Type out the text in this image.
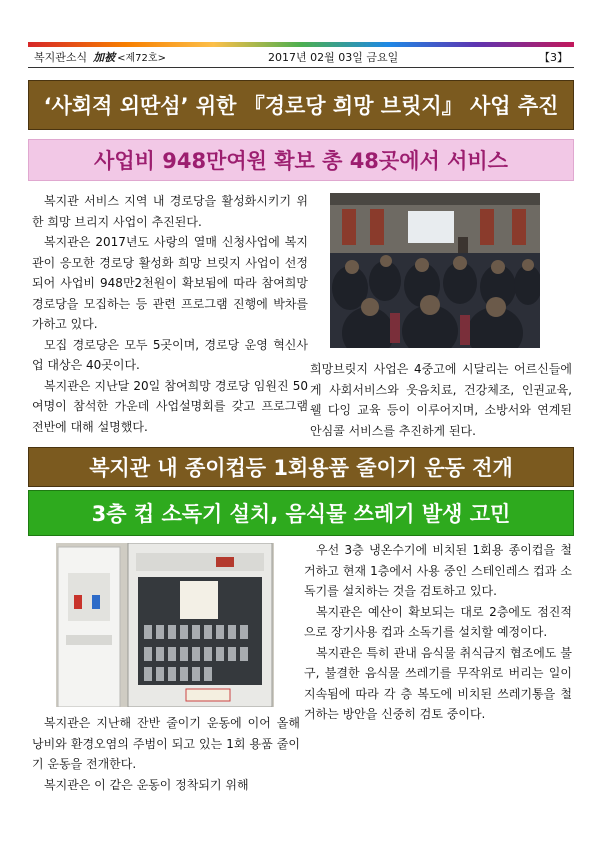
복지관소식 加被 <제72호>	2017년 02월 03일 금요일	【3】
‘사회적 외딴섬’ 위한 『경로당 희망 브릿지』 사업 추진
사업비 948만여원 확보 총 48곳에서 서비스

복지관 서비스 지역 내 경로당을 활성화시키기 위한 희망 브리지 사업이 추진된다.

복지관은 2017년도 사랑의 열매 신청사업에 복지관이 응모한 경로당 활성화 희망 브릿지 사업이 선정되어 사업비 948만2천원이 확보됨에 따라 참여희망 경로당을 모집하는 등 관련 프로그램 진행에 박차를 가하고 있다.

모집 경로당은 모두 5곳이며, 경로당 운영 혁신사업 대상은 40곳이다.

복지관은 지난달 20일 참여희망 경로당 임원진 50여명이 참석한 가운데 사업설명회를 갖고 프로그램 전반에 대해 설명했다.

희망브릿지 사업은 4중고에 시달리는 어르신들에게 사회서비스와 웃음치료, 건강체조, 인권교육, 웰 다잉 교육 등이 이루어지며, 소방서와 연계된 안심콜 서비스를 추진하게 된다.
복지관 내 종이컵등 1회용품 줄이기 운동 전개
3층 컵 소독기 설치, 음식물 쓰레기 발생 고민

우선 3층 냉온수기에 비치된 1회용 종이컵을 철거하고 현재 1층에서 사용 중인 스테인레스 컵과 소독기를 설치하는 것을 검토하고 있다.

복지관은 예산이 확보되는 대로 2층에도 점진적으로 장기사용 컵과 소독기를 설치할 예정이다.

복지관은 특히 관내 음식물 취식금지 협조에도 불구, 불결한 음식물 쓰레기를 무작위로 버리는 일이 지속됨에 따라 각 층 복도에 비치된 쓰레기통을 철거하는 방안을 신중히 검토 중이다.

복지관은 지난해 잔반 줄이기 운동에 이어 올해 낭비와 환경오염의 주범이 되고 있는 1회 용품 줄이기 운동을 전개한다.

복지관은 이 같은 운동이 정착되기 위해
